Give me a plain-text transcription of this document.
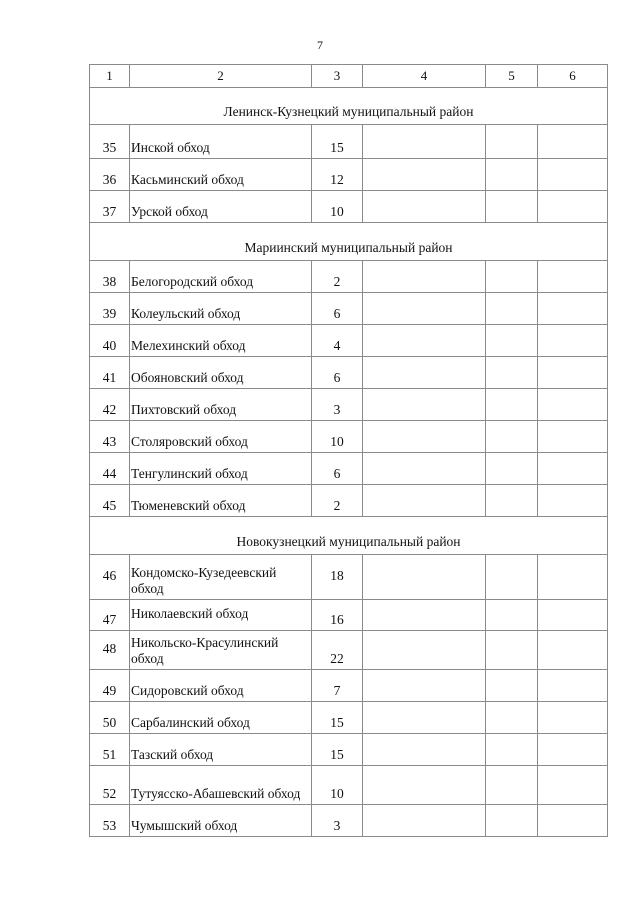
7
1	2	3	4	5	6
Ленинск-Кузнецкий муниципальный район					
35	Инской обход	15			
36	Касьминский обход	12			
37	Урской обход	10			
Мариинский муниципальный район					
38	Белогородский обход	2			
39	Колеульский обход	6			
40	Мелехинский обход	4			
41	Обояновский обход	6			
42	Пихтовский обход	3			
43	Столяровский обход	10			
44	Тенгулинский обход	6			
45	Тюменевский обход	2			
Новокузнецкий муниципальный район					
46	Кондомско-Кузедеевский обход	18			
47	Николаевский обход	16			
48	Никольско-Красулинский обход	22			
49	Сидоровский обход	7			
50	Сарбалинский обход	15			
51	Тазский обход	15			
52	Тутуясско-Абашевский обход	10			
53	Чумышский обход	3			
